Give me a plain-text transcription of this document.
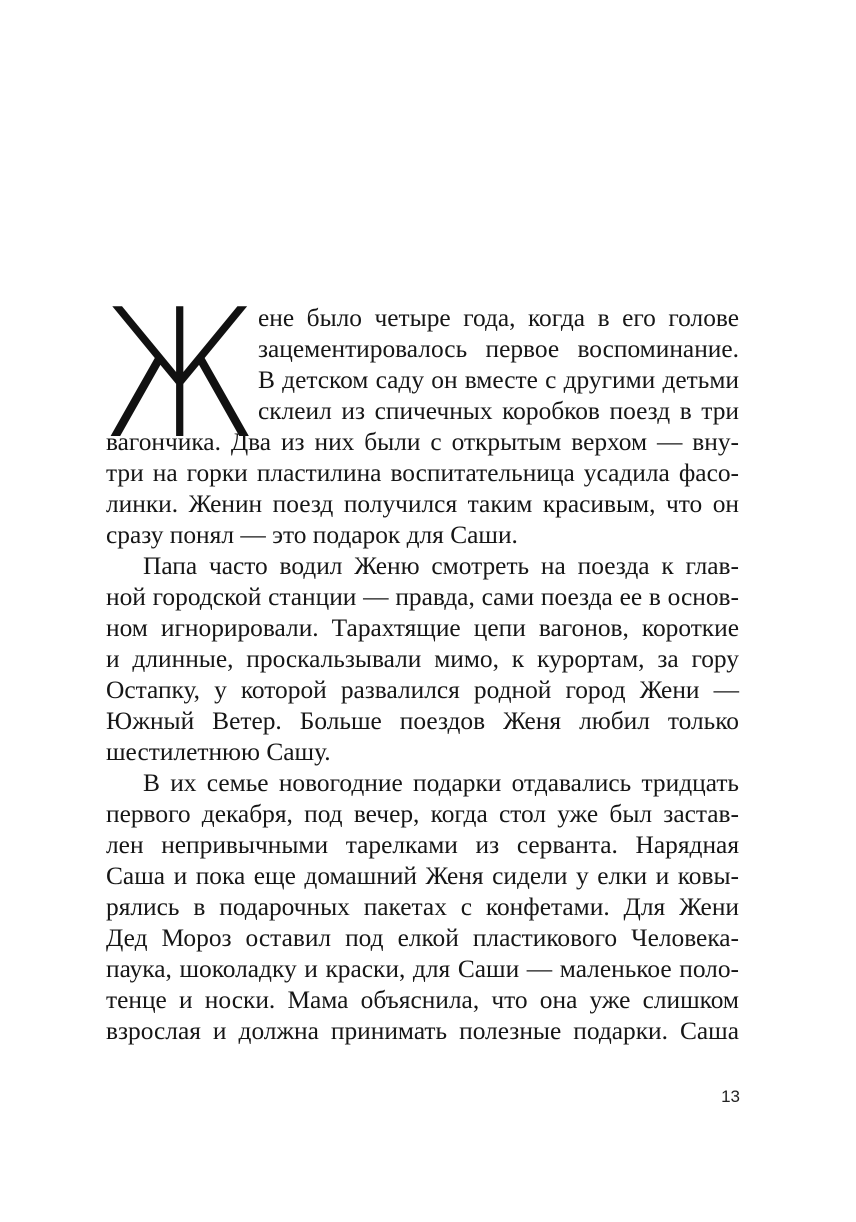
Ж ене было четыре года, когда в его голове
зацементировалось первое воспоминание.
В детском саду он вместе с другими детьми
склеил из спичечных коробков поезд в три
вагончика. Два из них были с открытым верхом — вну-
три на горки пластилина воспитательница усадила фасо-
линки. Женин поезд получился таким красивым, что он
сразу понял — это подарок для Саши.
Папа часто водил Женю смотреть на поезда к глав-
ной городской станции — правда, сами поезда ее в основ-
ном игнорировали. Тарахтящие цепи вагонов, короткие
и длинные, проскальзывали мимо, к курортам, за гору
Остапку, у которой развалился родной город Жени —
Южный Ветер. Больше поездов Женя любил только
шестилетнюю Сашу.
В их семье новогодние подарки отдавались тридцать
первого декабря, под вечер, когда стол уже был застав-
лен непривычными тарелками из серванта. Нарядная
Саша и пока еще домашний Женя сидели у елки и ковы-
рялись в подарочных пакетах с конфетами. Для Жени
Дед Мороз оставил под елкой пластикового Человека-
паука, шоколадку и краски, для Саши — маленькое поло-
тенце и носки. Мама объяснила, что она уже слишком
взрослая и должна принимать полезные подарки. Саша
13
